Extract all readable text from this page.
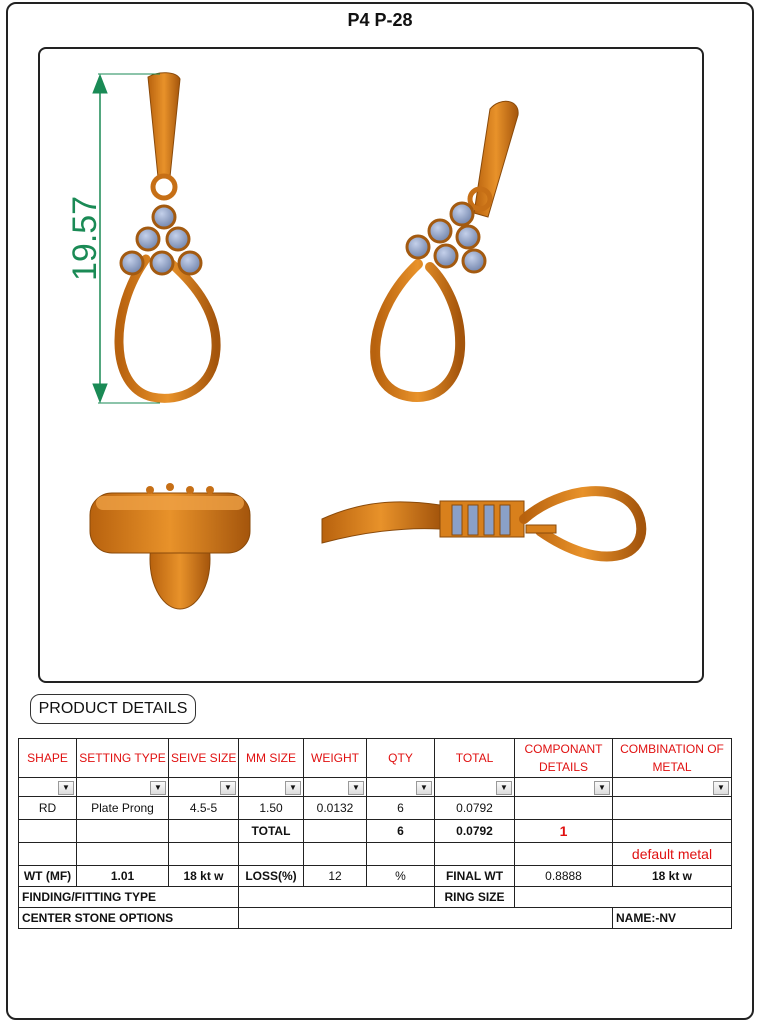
P4 P-28
19.57
PRODUCT DETAILS
SHAPE	SETTING TYPE	SEIVE SIZE	MM SIZE	WEIGHT	QTY	TOTAL	COMPONANT DETAILS	COMBINATION OF METAL

▼	▼	▼	▼	▼	▼	▼	▼	▼

RD	Plate Prong	4.5-5	1.50	0.0132	6	0.0792		
			TOTAL		6	0.0792	1	
								default metal
WT (MF)	1.01	18 kt w	LOSS(%)	12	%	FINAL WT	0.8888	18 kt w
FINDING/FITTING TYPE						RING SIZE		
CENTER STONE OPTIONS								NAME:-NV
